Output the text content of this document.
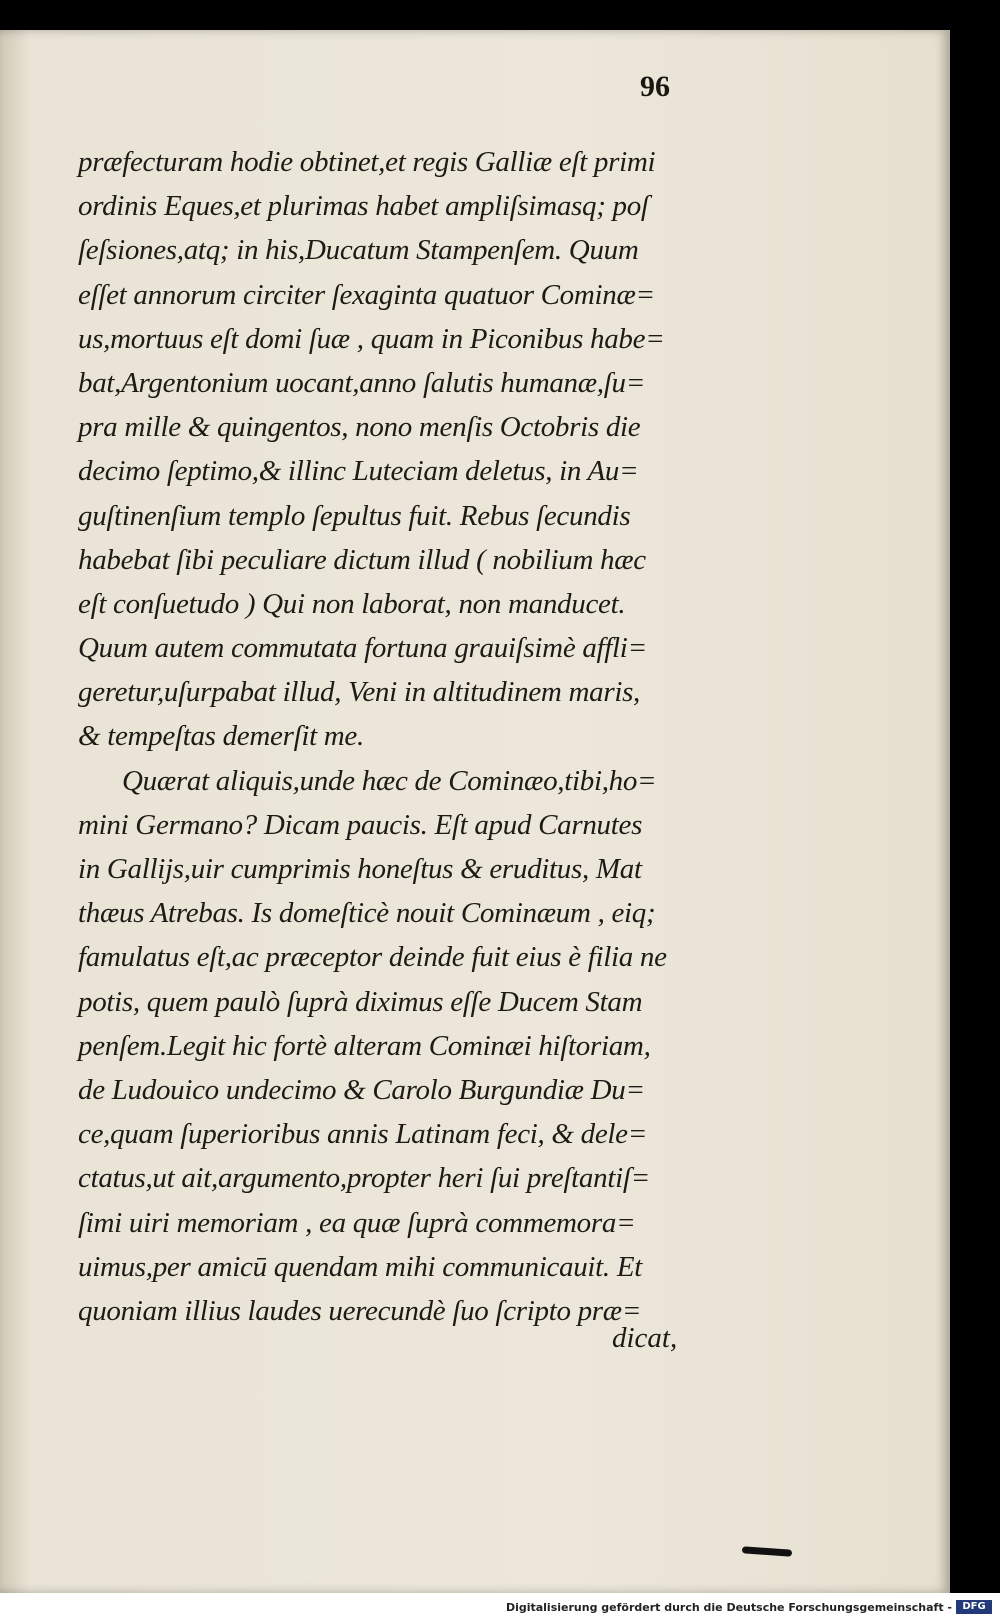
96
præfecturam hodie obtinet,et regis Galliæ eſt primi
ordinis Eques,et plurimas habet ampliſsimasq; poſ
ſeſsiones,atq; in his,Ducatum Stampenſem. Quum
eſſet annorum circiter ſexaginta quatuor Cominæ=
us,mortuus eſt domi ſuæ , quam in Piconibus habe=
bat,Argentonium uocant,anno ſalutis humanæ,ſu=
pra mille & quingentos, nono menſis Octobris die
decimo ſeptimo,& illinc Luteciam deletus, in Au=
guſtinenſium templo ſepultus fuit. Rebus ſecundis
habebat ſibi peculiare dictum illud ( nobilium hæc
eſt conſuetudo ) Qui non laborat, non manducet.
Quum autem commutata fortuna grauiſsimè affli=
geretur,uſurpabat illud, Veni in altitudinem maris,
& tempeſtas demerſit me.
Quærat aliquis,unde hæc de Cominæo,tibi,ho=
mini Germano? Dicam paucis. Eſt apud Carnutes
in Gallijs,uir cumprimis honeſtus & eruditus, Mat
thæus Atrebas. Is domeſticè nouit Cominæum , eiq;
famulatus eſt,ac præceptor deinde fuit eius è filia ne
potis, quem paulò ſuprà diximus eſſe Ducem Stam
penſem.Legit hic fortè alteram Cominæi hiſtoriam,
de Ludouico undecimo & Carolo Burgundiæ Du=
ce,quam ſuperioribus annis Latinam feci, & dele=
ctatus,ut ait,argumento,propter heri ſui preſtantiſ=
ſimi uiri memoriam , ea quæ ſuprà commemora=
uimus,per amicū quendam mihi communicauit. Et
quoniam illius laudes uerecundè ſuo ſcripto præ=
dicat,
Digitalisierung gefördert durch die Deutsche Forschungsgemeinschaft -	DFG
